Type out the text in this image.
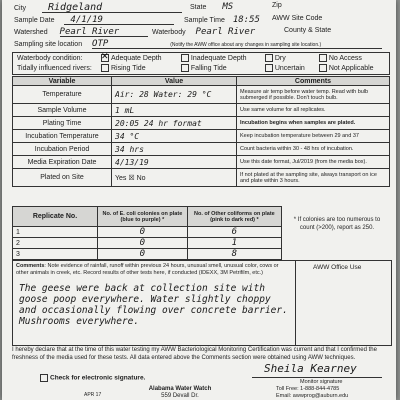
City Ridgeland	State MS	Zip
Sample Date 4/1/19	Sample Time 18:55 AWW Site Code
Watershed Pearl River	Waterbody Pearl River	County & State
Sampling site location OTP	(Notify the AWW office about any changes in sampling site location.)
Waterbody condition: ✕	Adequate Depth	Inadequate Depth	Dry	No Access
Tidally influenced rivers:	Rising Tide	Falling Tide	Uncertain	Not Applicable
Variable	Value	Comments
Temperature	Air: 28 Water: 29 °C	Measure air temp before water temp. Read with bulb submerged if possible. Don't touch bulb.
Sample Volume	1 mL	Use same volume for all replicates.
Plating Time	20:05 24 hr format	Incubation begins when samples are plated.
Incubation Temperature	34 °C	Keep incubation temperature between 29 and 37
Incubation Period	34 hrs	Count bacteria within 30 - 48 hrs of incubation.
Media Expiration Date	4/13/19	Use this date format, Jul/2019 (from the media box).
Plated on Site	Yes ☒ No	If not plated at the sampling site, always transport on ice and plate within 3 hours.
Replicate No.	No. of E. coli colonies on plate (blue to purple) *	No. of Other coliforms on plate (pink to dark red) *
1	0	6
2	0	1
3	0	8
* If colonies are too numerous to count (>200), report as 250.
Comments: Note evidence of rainfall, runoff within previous 24 hours, unusual smell, unusual color, cows or other animals in creek, etc. Record results of other tests here, if conducted (IDEXX, 3M Petrifilm, etc.)
The geese were back at collection site with goose poop everywhere. Water slightly choppy and occasionally flowing over concrete barrier. Mushrooms everywhere.
AWW Office Use
I hereby declare that at the time of this water testing my AWW Bacteriological Monitoring Certification was current and that I confirmed the freshness of the media used for these tests. All data entered above the Comments section were obtained using AWW techniques.
Check for electronic signature.
Sheila Kearney
Monitor signature
Alabama Water Watch
559 Devall Dr.
Toll Free: 1-888-844-4785
Email: awwprog@auburn.edu
APR 17
